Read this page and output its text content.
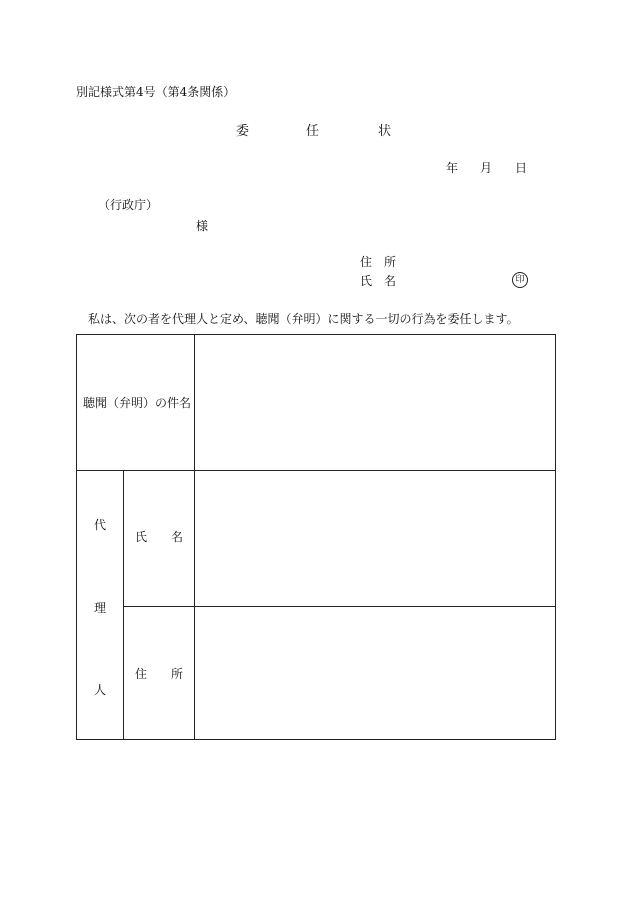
別記様式第4号（第4条関係）
委	任	状
年 月 日
（行政庁）
様
住　所
氏　名	印
私は、次の者を代理人と定め、聴聞（弁明）に関する一切の行為を委任します。
聴聞（弁明）の件名
代
理
人
氏　　名
住　　所
